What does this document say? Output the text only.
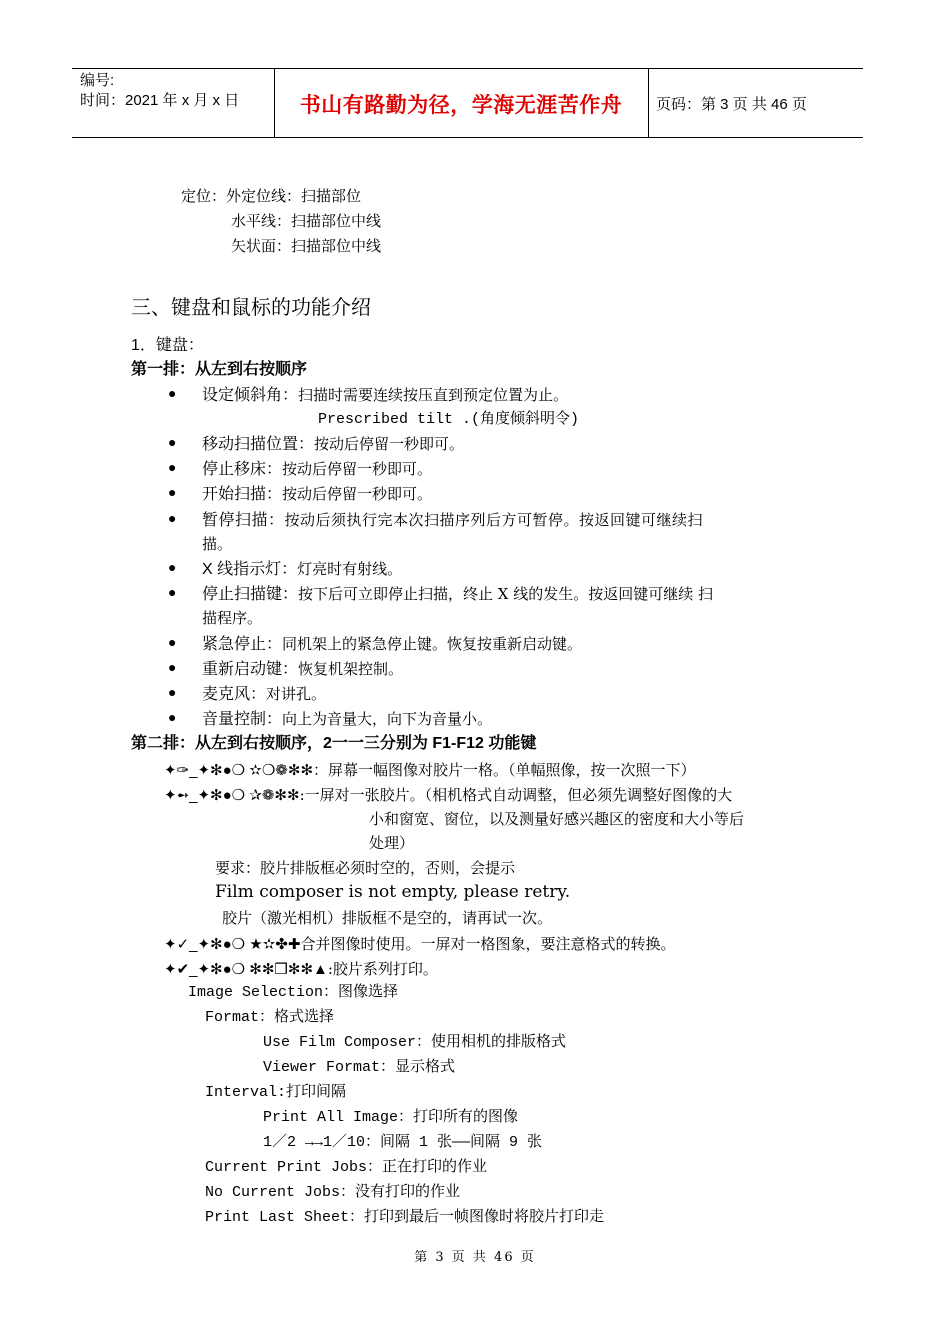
编号:
时间：2021 年 x 月 x 日	书山有路勤为径，学海无涯苦作舟	页码：第 3 页 共 46 页
定位：外定位线：扫描部位
水平线：扫描部位中线
矢状面：扫描部位中线
三、键盘和鼠标的功能介绍
1．键盘：
第一排：从左到右按顺序
● 设定倾斜角：扫描时需要连续按压直到预定位置为止。
Prescribed tilt .(角度倾斜明令)
● 移动扫描位置：按动后停留一秒即可。
● 停止移床：按动后停留一秒即可。
● 开始扫描：按动后停留一秒即可。
● 暂停扫描：按动后须执行完本次扫描序列后方可暂停。按返回键可继续扫
描。
● X 线指示灯：灯亮时有射线。
● 停止扫描键：按下后可立即停止扫描，终止 X 线的发生。按返回键可继续 扫
描程序。
● 紧急停止：同机架上的紧急停止键。恢复按重新启动键。
● 重新启动键：恢复机架控制。
● 麦克风：对讲孔。
● 音量控制：向上为音量大，向下为音量小。
第二排：从左到右按顺序，2一一三分别为 F1-F12 功能键
✦✑_✦✻●❍ ✫❍❁✻✻：屏幕一幅图像对胶片一格。（单幅照像，按一次照一下）
✦➻_✦✻●❍ ✰❁✻✻:一屏对一张胶片。（相机格式自动调整，但必须先调整好图像的大
小和窗宽、窗位，以及测量好感兴趣区的密度和大小等后
处理）
要求：胶片排版框必须时空的，否则，会提示
Film composer is not empty, please retry.
胶片（激光相机）排版框不是空的，请再试一次。
✦✓_✦✻●❍ ★✫✤✚合并图像时使用。一屏对一格图象，要注意格式的转换。
✦✔_✦✻●❍ ✻✻❒✻✻▲:胶片系列打印。
Image Selection：图像选择
Format：格式选择
Use Film Composer：使用相机的排版格式
Viewer Format：显示格式
Interval:打印间隔
Print All Image：打印所有的图像
1／2 →→1／10：间隔 1 张——间隔 9 张
Current Print Jobs：正在打印的作业
No Current Jobs：没有打印的作业
Print Last Sheet：打印到最后一帧图像时将胶片打印走
第 3 页 共 46 页
